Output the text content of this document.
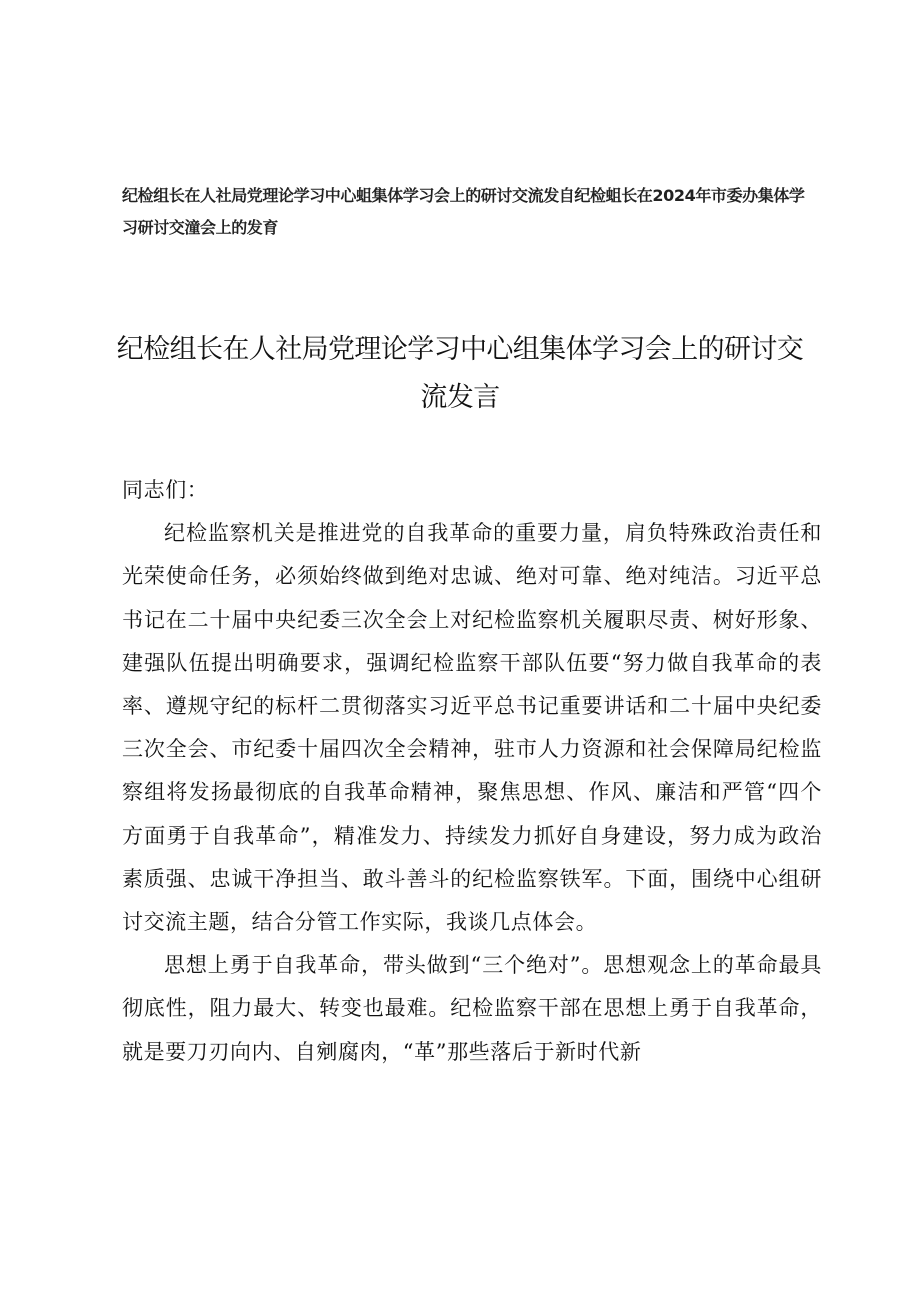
纪检组长在人社局党理论学习中心蛆集体学习会上的研讨交流发自纪检蛆长在2024年市委办集体学习研讨交潼会上的发育
纪检组长在人社局党理论学习中心组集体学习会上的研讨交流发言

同志们：

纪检监察机关是推进党的自我革命的重要力量，肩负特殊政治责任和光荣使命任务，必须始终做到绝对忠诚、绝对可靠、绝对纯洁。习近平总书记在二十届中央纪委三次全会上对纪检监察机关履职尽责、树好形象、建强队伍提出明确要求，强调纪检监察干部队伍要“努力做自我革命的表率、遵规守纪的标杆二贯彻落实习近平总书记重要讲话和二十届中央纪委三次全会、市纪委十届四次全会精神，驻市人力资源和社会保障局纪检监察组将发扬最彻底的自我革命精神，聚焦思想、作风、廉洁和严管“四个方面勇于自我革命”，精准发力、持续发力抓好自身建设，努力成为政治素质强、忠诚干净担当、敢斗善斗的纪检监察铁军。下面，围绕中心组研讨交流主题，结合分管工作实际，我谈几点体会。

思想上勇于自我革命，带头做到“三个绝对”。思想观念上的革命最具彻底性，阻力最大、转变也最难。纪检监察干部在思想上勇于自我革命，就是要刀刃向内、自剜腐肉，“革”那些落后于新时代新
